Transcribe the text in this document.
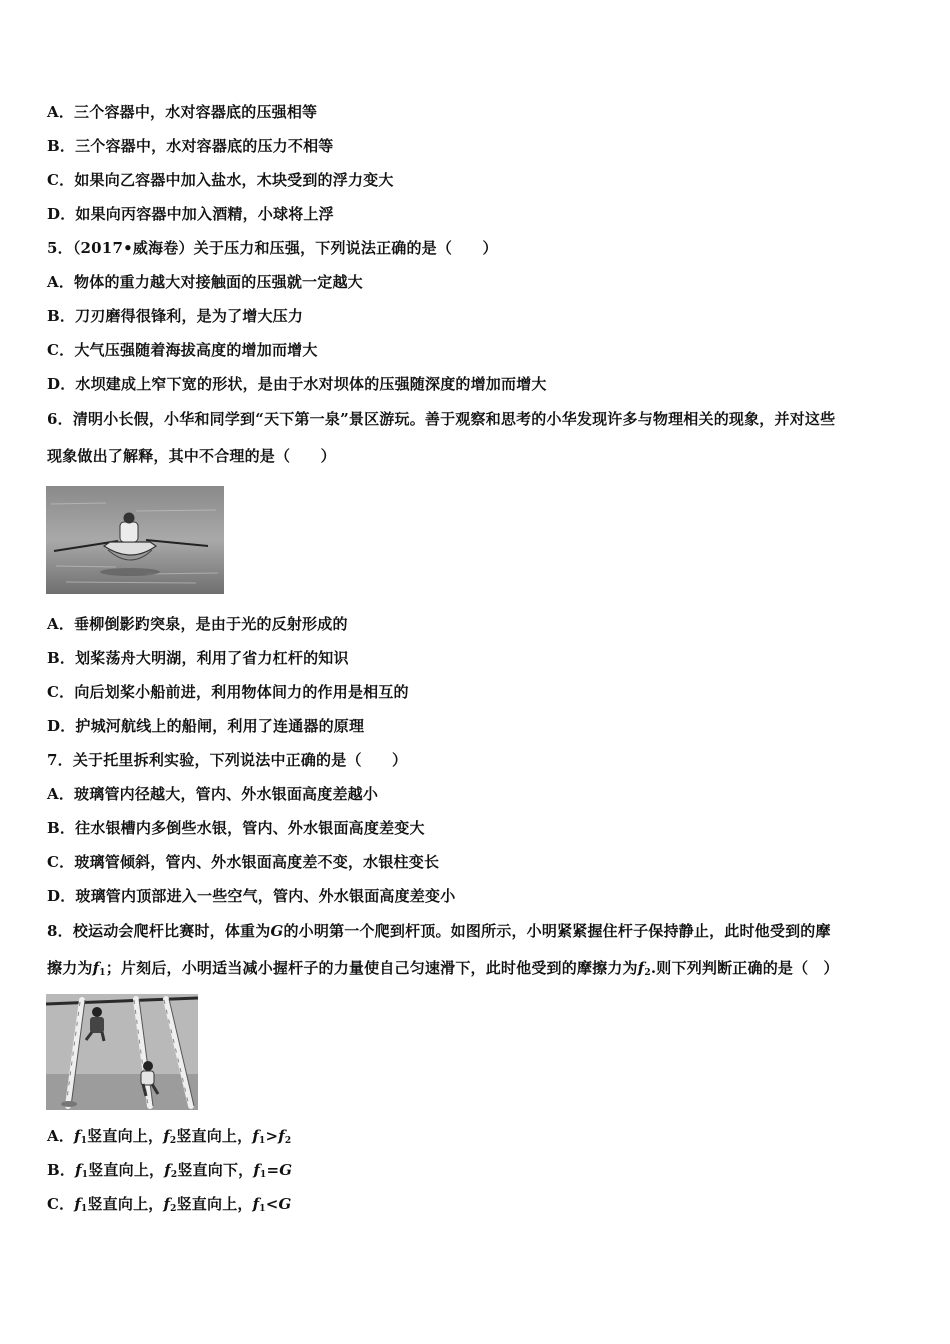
A．三个容器中，水对容器底的压强相等
B．三个容器中，水对容器底的压力不相等
C．如果向乙容器中加入盐水，木块受到的浮力变大
D．如果向丙容器中加入酒精，小球将上浮
5．（2017•威海卷）关于压力和压强，下列说法正确的是（　　）
A．物体的重力越大对接触面的压强就一定越大
B．刀刃磨得很锋利，是为了增大压力
C．大气压强随着海拔高度的增加而增大
D．水坝建成上窄下宽的形状，是由于水对坝体的压强随深度的增加而增大
6．清明小长假，小华和同学到“天下第一泉”景区游玩。善于观察和思考的小华发现许多与物理相关的现象，并对这些
现象做出了解释，其中不合理的是（　　）
A．垂柳倒影趵突泉，是由于光的反射形成的
B．划桨荡舟大明湖，利用了省力杠杆的知识
C．向后划桨小船前进，利用物体间力的作用是相互的
D．护城河航线上的船闸，利用了连通器的原理
7．关于托里拆利实验，下列说法中正确的是（　　）
A．玻璃管内径越大，管内、外水银面高度差越小
B．往水银槽内多倒些水银，管内、外水银面高度差变大
C．玻璃管倾斜，管内、外水银面高度差不变，水银柱变长
D．玻璃管内顶部进入一些空气，管内、外水银面高度差变小
8．校运动会爬杆比赛时，体重为G的小明第一个爬到杆顶。如图所示，小明紧紧握住杆子保持静止，此时他受到的摩
擦力为$f_1$；片刻后，小明适当减小握杆子的力量使自己匀速滑下，此时他受到的摩擦力为$f_2$.则下列判断正确的是（　）
A．$f_1$竖直向上，$f_2$竖直向上，$f_1>f_2$
B．$f_1$竖直向上，$f_2$竖直向下，$f_1=G$
C．$f_1$竖直向上，$f_2$竖直向上，$f_1<G$
